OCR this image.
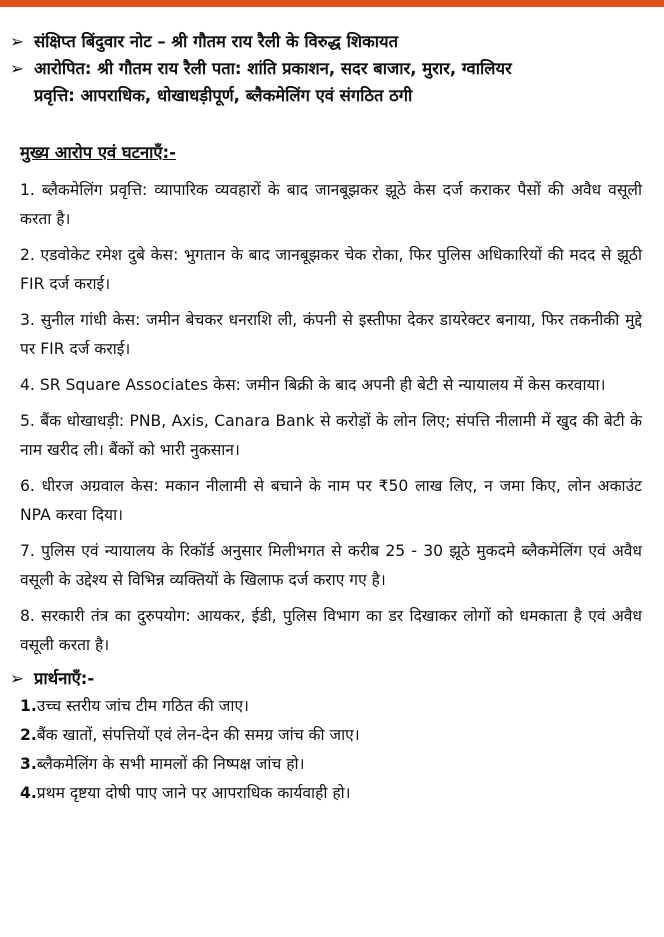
➢ संक्षिप्त बिंदुवार नोट – श्री गौतम राय रैली के विरुद्ध शिकायत
➢ आरोपित: श्री गौतम राय रैली पता: शांति प्रकाशन, सदर बाजार, मुरार, ग्वालियर
प्रवृत्ति: आपराधिक, धोखाधड़ीपूर्ण, ब्लैकमेलिंग एवं संगठित ठगी
मुख्य आरोप एवं घटनाएँ:-
1. ब्लैकमेलिंग प्रवृत्ति: व्यापारिक व्यवहारों के बाद जानबूझकर झूठे केस दर्ज कराकर पैसों की अवैध वसूली करता है।
2. एडवोकेट रमेश दुबे केस: भुगतान के बाद जानबूझकर चेक रोका, फिर पुलिस अधिकारियों की मदद से झूठी FIR दर्ज कराई।
3. सुनील गांधी केस: जमीन बेचकर धनराशि ली, कंपनी से इस्तीफा देकर डायरेक्टर बनाया, फिर तकनीकी मुद्दे पर FIR दर्ज कराई।
4. SR Square Associates केस: जमीन बिक्री के बाद अपनी ही बेटी से न्यायालय में केस करवाया।
5. बैंक धोखाधड़ी: PNB, Axis, Canara Bank से करोड़ों के लोन लिए; संपत्ति नीलामी में खुद की बेटी के नाम खरीद ली। बैंकों को भारी नुकसान।
6. धीरज अग्रवाल केस: मकान नीलामी से बचाने के नाम पर ₹50 लाख लिए, न जमा किए, लोन अकाउंट NPA करवा दिया।
7. पुलिस एवं न्यायालय के रिकॉर्ड अनुसार मिलीभगत से करीब 25 - 30 झूठे मुकदमे ब्लैकमेलिंग एवं अवैध वसूली के उद्देश्य से विभिन्न व्यक्तियों के खिलाफ दर्ज कराए गए है।
8. सरकारी तंत्र का दुरुपयोग: आयकर, ईडी, पुलिस विभाग का डर दिखाकर लोगों को धमकाता है एवं अवैध वसूली करता है।
➢ प्रार्थनाएँ:-
1.उच्च स्तरीय जांच टीम गठित की जाए।
2.बैंक खातों, संपत्तियों एवं लेन-देन की समग्र जांच की जाए।
3.ब्लैकमेलिंग के सभी मामलों की निष्पक्ष जांच हो।
4.प्रथम दृष्टया दोषी पाए जाने पर आपराधिक कार्यवाही हो।
